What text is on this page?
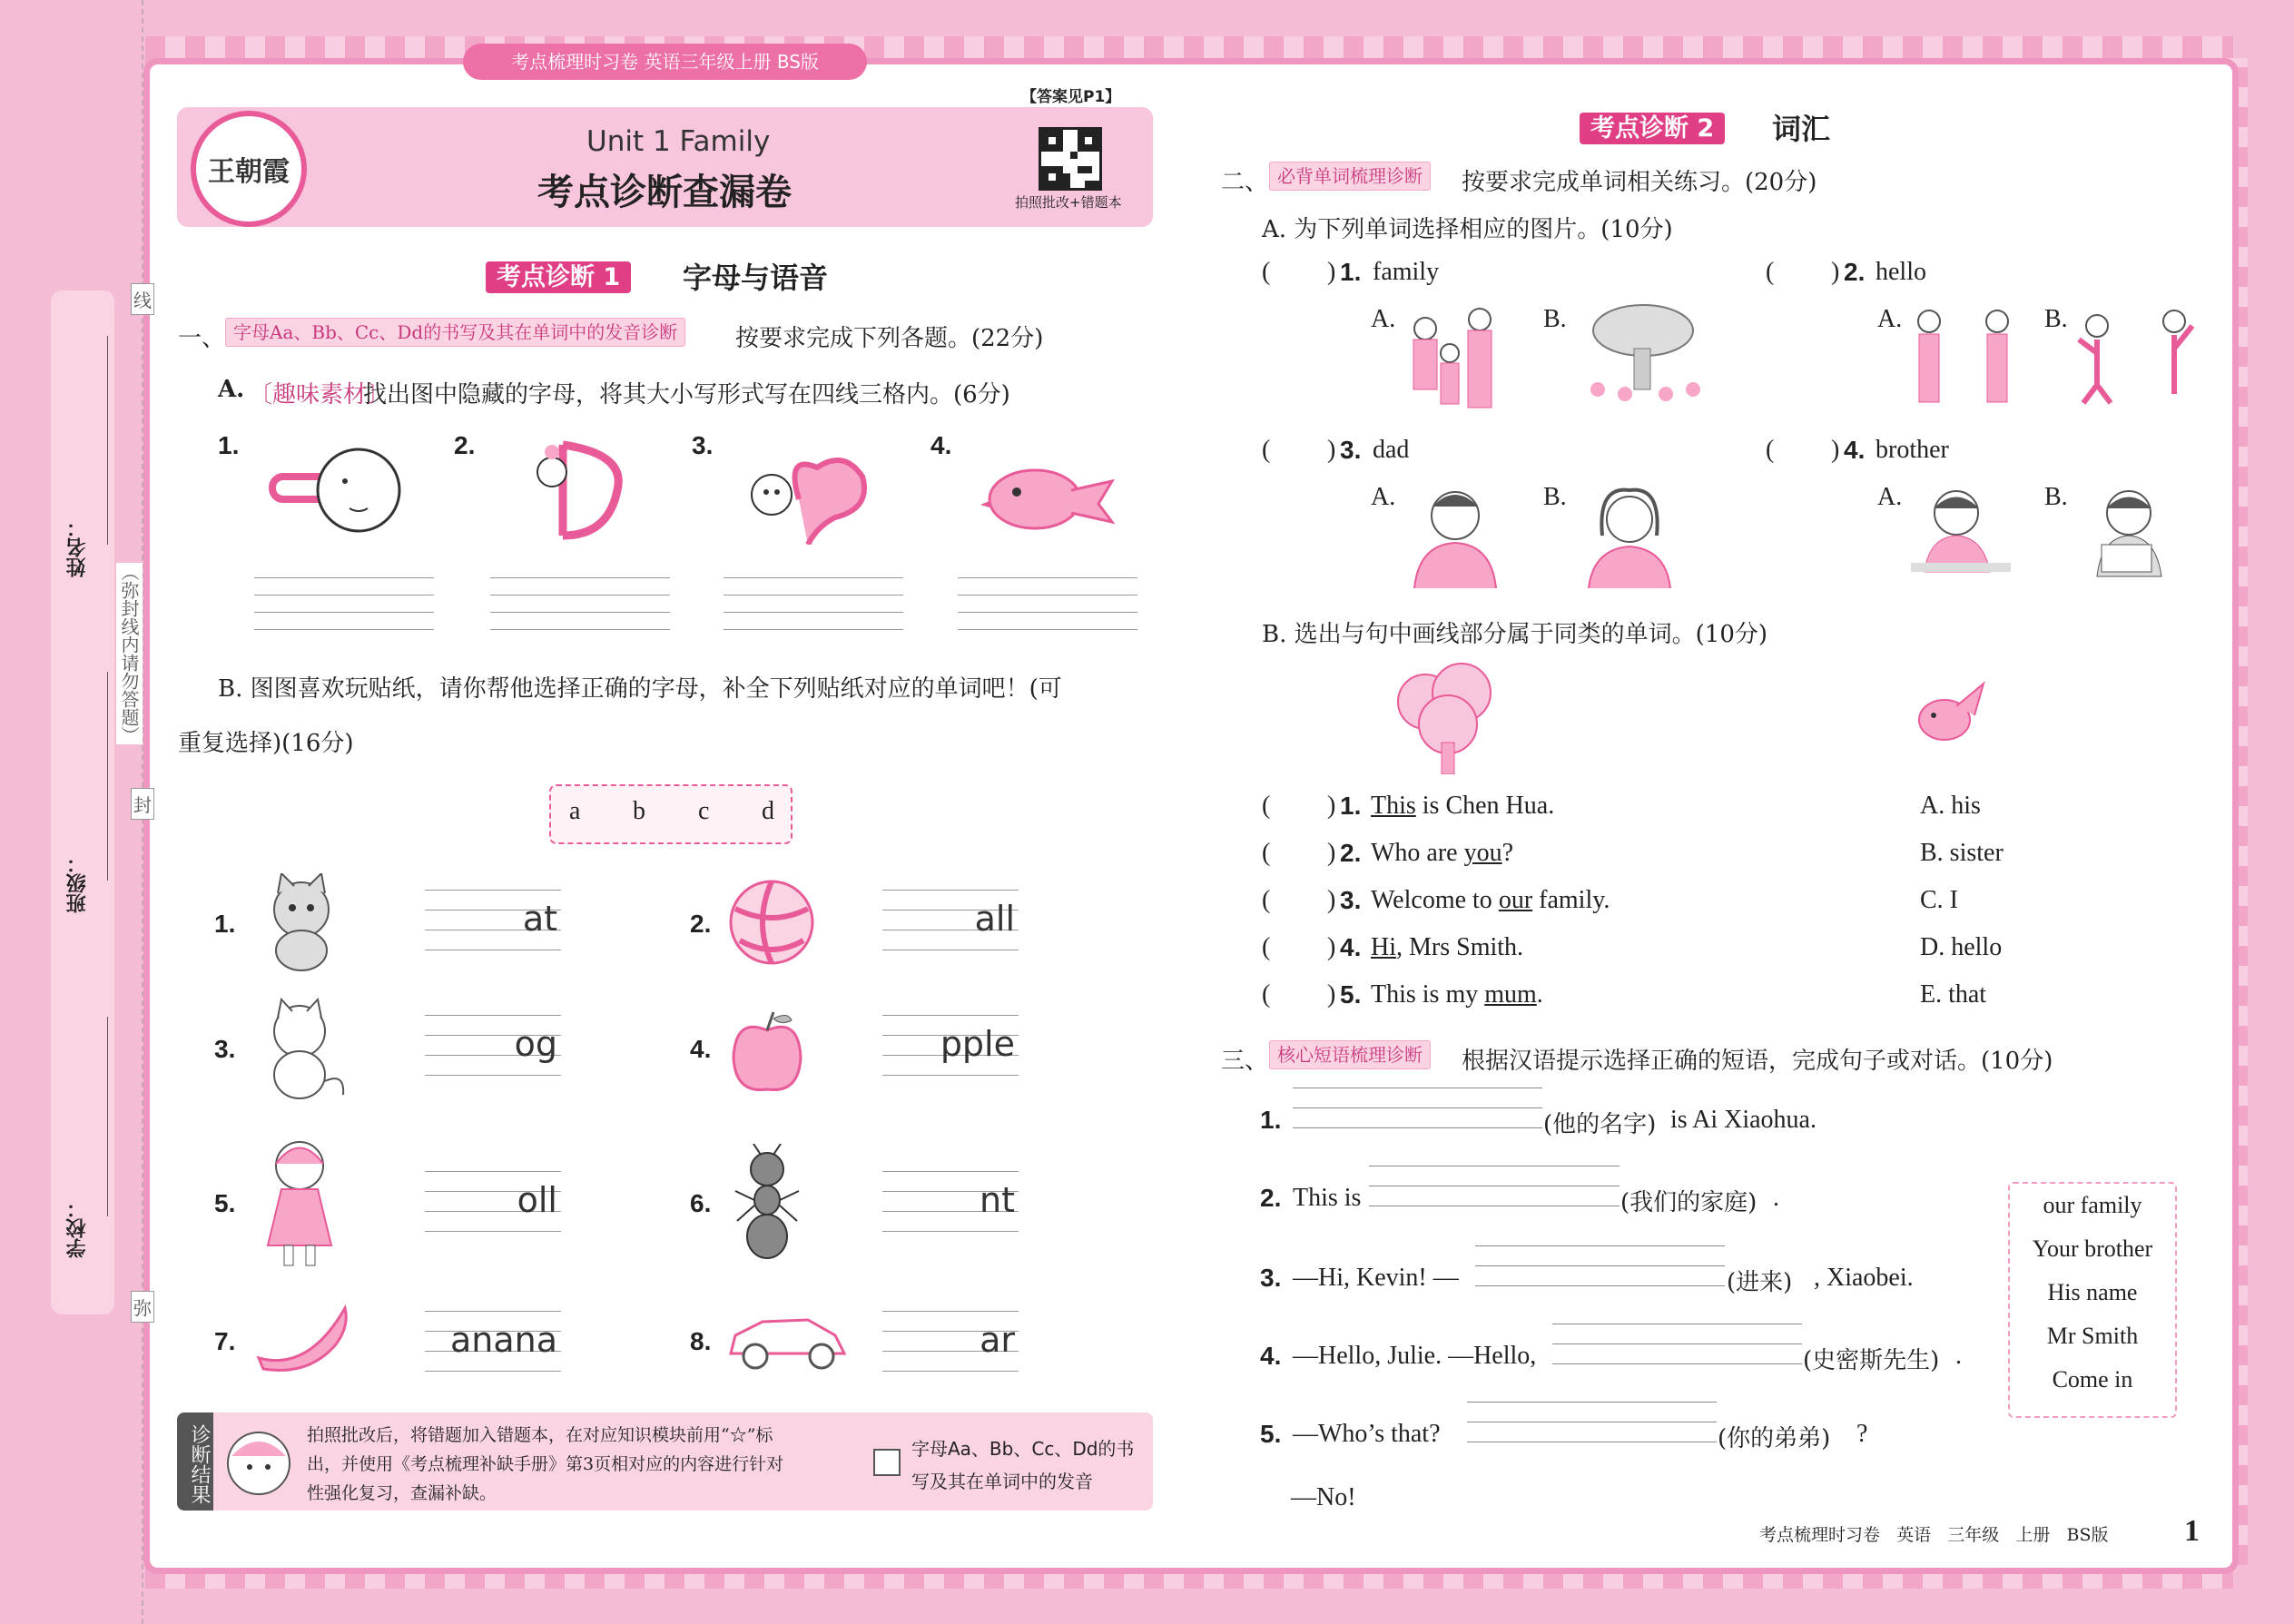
考点梳理时习卷 英语三年级上册 BS版
姓名：
班级：
学校：
（弥封线内请勿答题）
线
封
弥
【答案见P1】
王朝霞
Unit 1 Family
考点诊断查漏卷	拍照批改+错题本
考点诊断 1	字母与语音
一、 字母Aa、Bb、Cc、Dd的书写及其在单词中的发音诊断	按要求完成下列各题。(22分)
A. 〔趣味素材〕
找出图中隐藏的字母，将其大小写形式写在四线三格内。(6分)
1.	2.	3.	4.
B. 图图喜欢玩贴纸，请你帮他选择正确的字母，补全下列贴纸对应的单词吧！(可
重复选择)(16分)
a b c d
1.	at	2.	all
3.	og	4.	pple
5.	oll	6.	nt
7.	anana	8.	ar
诊断结果	拍照批改后，将错题加入错题本，在对应知识模块前用“☆”标
出，并使用《考点梳理补缺手册》第3页相对应的内容进行针对
性强化复习，查漏补缺。
字母Aa、Bb、Cc、Dd的书
写及其在单词中的发音
考点诊断 2	词汇
二、 必背单词梳理诊断	按要求完成单词相关练习。(20分)
A. 为下列单词选择相应的图片。(10分)
( ) 1. family
A.	B.
( ) 2. hello
A.	B.
( ) 3. dad
A.	B.
( ) 4. brother
A.	B.
B. 选出与句中画线部分属于同类的单词。(10分)
( ) 1. This is Chen Hua.	A. his
( ) 2. Who are you?	B. sister
( ) 3. Welcome to our family.	C. I
( ) 4. Hi, Mrs Smith.	D. hello
( ) 5. This is my mum.	E. that
三、 核心短语梳理诊断	根据汉语提示选择正确的短语，完成句子或对话。(10分)
1.	(他的名字) is Ai Xiaohua.
2. This is	(我们的家庭) .
3. —Hi, Kevin! —	(进来) , Xiaobei.
4. —Hello, Julie. —Hello,	(史密斯先生) .
5. —Who’s that?	(你的弟弟) ?
—No!
our family
Your brother
His name
Mr Smith
Come in
考点梳理时习卷   英语   三年级   上册   BS版 1
